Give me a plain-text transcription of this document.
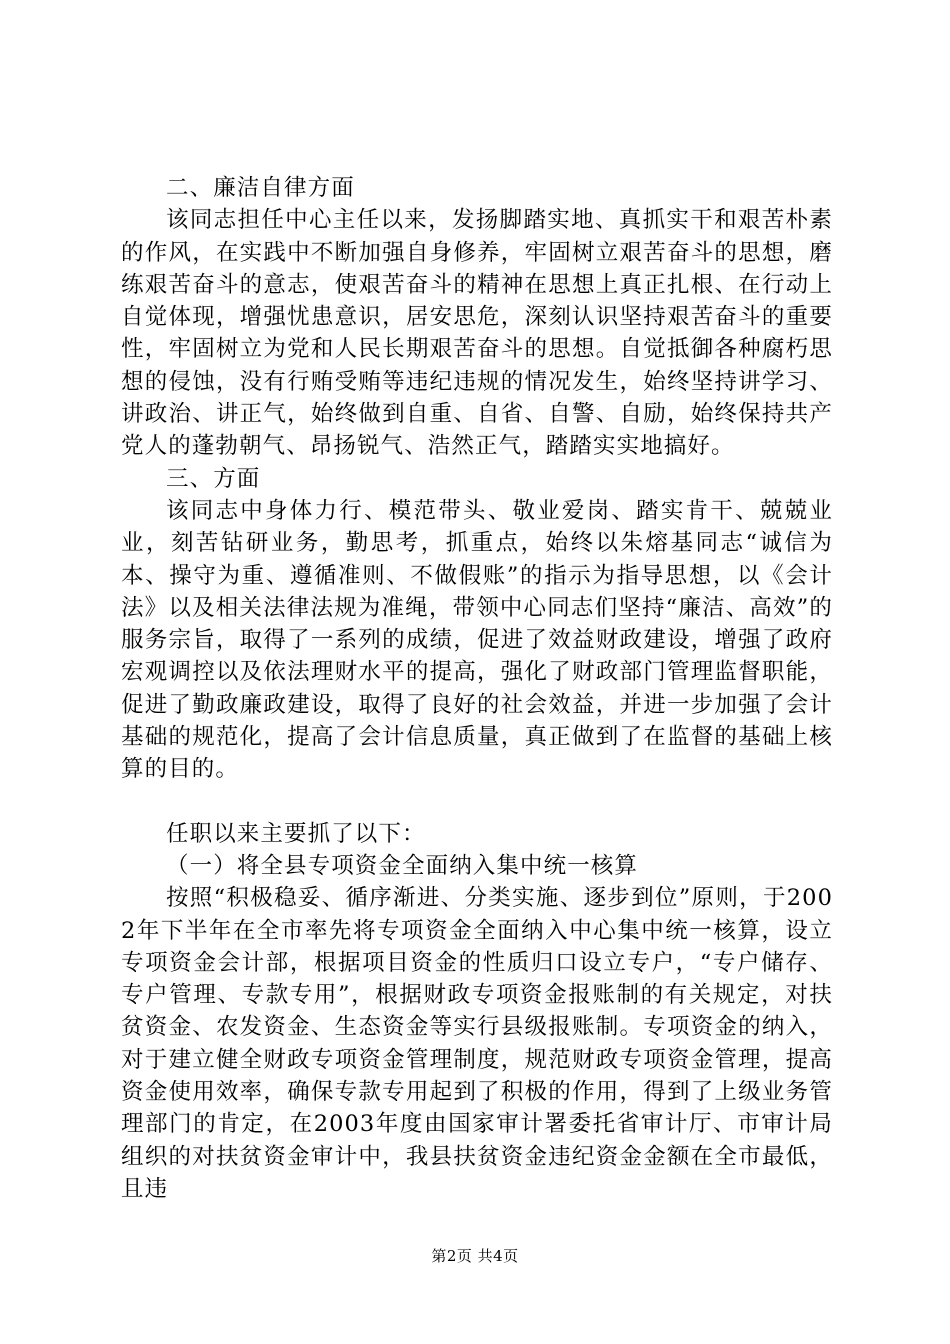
二、廉洁自律方面

该同志担任中心主任以来，发扬脚踏实地、真抓实干和艰苦朴素的作风，在实践中不断加强自身修养，牢固树立艰苦奋斗的思想，磨练艰苦奋斗的意志，使艰苦奋斗的精神在思想上真正扎根、在行动上自觉体现，增强忧患意识，居安思危，深刻认识坚持艰苦奋斗的重要性，牢固树立为党和人民长期艰苦奋斗的思想。自觉抵御各种腐朽思想的侵蚀，没有行贿受贿等违纪违规的情况发生，始终坚持讲学习、讲政治、讲正气，始终做到自重、自省、自警、自励，始终保持共产党人的蓬勃朝气、昂扬锐气、浩然正气，踏踏实实地搞好。

三、方面

该同志中身体力行、模范带头、敬业爱岗、踏实肯干、兢兢业业，刻苦钻研业务，勤思考，抓重点，始终以朱熔基同志“诚信为本、操守为重、遵循准则、不做假账”的指示为指导思想，以《会计法》以及相关法律法规为准绳，带领中心同志们坚持“廉洁、高效”的服务宗旨，取得了一系列的成绩，促进了效益财政建设，增强了政府宏观调控以及依法理财水平的提高，强化了财政部门管理监督职能，促进了勤政廉政建设，取得了良好的社会效益，并进一步加强了会计基础的规范化，提高了会计信息质量，真正做到了在监督的基础上核算的目的。

任职以来主要抓了以下：

（一）将全县专项资金全面纳入集中统一核算

按照“积极稳妥、循序渐进、分类实施、逐步到位”原则，于2002年下半年在全市率先将专项资金全面纳入中心集中统一核算，设立专项资金会计部，根据项目资金的性质归口设立专户，“专户储存、专户管理、专款专用”，根据财政专项资金报账制的有关规定，对扶贫资金、农发资金、生态资金等实行县级报账制。专项资金的纳入，对于建立健全财政专项资金管理制度，规范财政专项资金管理，提高资金使用效率，确保专款专用起到了积极的作用，得到了上级业务管理部门的肯定，在2003年度由国家审计署委托省审计厅、市审计局组织的对扶贫资金审计中，我县扶贫资金违纪资金金额在全市最低，且违

第2页 共4页
